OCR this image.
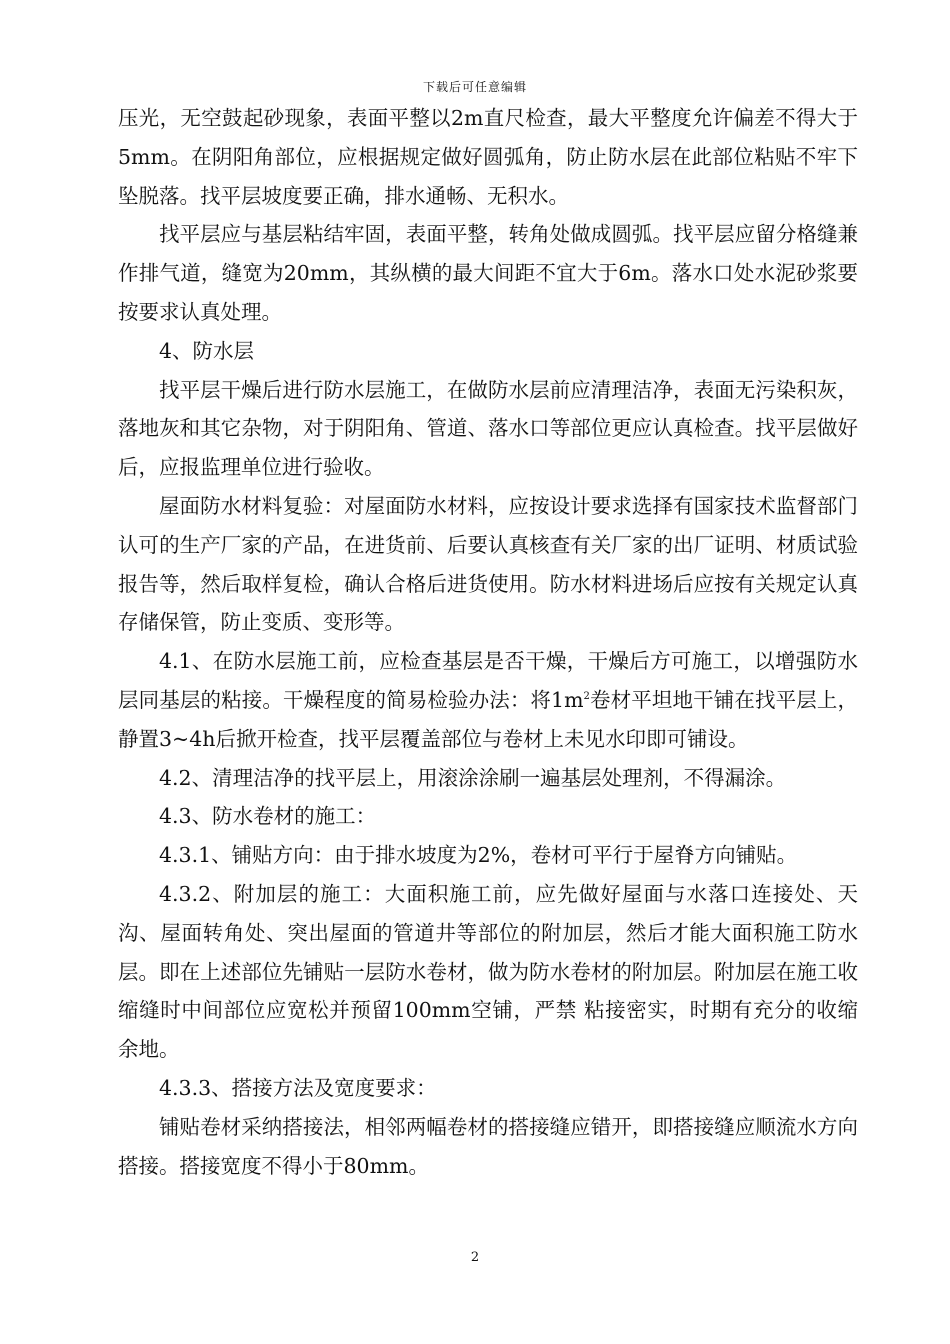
下载后可任意编辑

压光，无空鼓起砂现象，表面平整以2m直尺检查，最大平整度允许偏差不得大于5mm。在阴阳角部位，应根据规定做好圆弧角，防止防水层在此部位粘贴不牢下坠脱落。找平层坡度要正确，排水通畅、无积水。

找平层应与基层粘结牢固，表面平整，转角处做成圆弧。找平层应留分格缝兼作排气道，缝宽为20mm，其纵横的最大间距不宜大于6m。落水口处水泥砂浆要按要求认真处理。

4、防水层

找平层干燥后进行防水层施工，在做防水层前应清理洁净，表面无污染积灰，落地灰和其它杂物，对于阴阳角、管道、落水口等部位更应认真检查。找平层做好后，应报监理单位进行验收。

屋面防水材料复验：对屋面防水材料，应按设计要求选择有国家技术监督部门认可的生产厂家的产品，在进货前、后要认真核查有关厂家的出厂证明、材质试验报告等，然后取样复检，确认合格后进货使用。防水材料进场后应按有关规定认真存储保管，防止变质、变形等。

4.1、在防水层施工前，应检查基层是否干燥，干燥后方可施工，以增强防水层同基层的粘接。干燥程度的简易检验办法：将$1m^2$卷材平坦地干铺在找平层上，静置3~4h后掀开检查，找平层覆盖部位与卷材上未见水印即可铺设。

4.2、清理洁净的找平层上，用滚涂涂刷一遍基层处理剂，不得漏涂。

4.3、防水卷材的施工：

4.3.1、铺贴方向：由于排水坡度为2%，卷材可平行于屋脊方向铺贴。

4.3.2、附加层的施工：大面积施工前，应先做好屋面与水落口连接处、天沟、屋面转角处、突出屋面的管道井等部位的附加层，然后才能大面积施工防水层。即在上述部位先铺贴一层防水卷材，做为防水卷材的附加层。附加层在施工收缩缝时中间部位应宽松并预留100mm空铺，严禁 粘接密实，时期有充分的收缩余地。

4.3.3、搭接方法及宽度要求：

铺贴卷材采纳搭接法，相邻两幅卷材的搭接缝应错开，即搭接缝应顺流水方向搭接。搭接宽度不得小于80mm。

2
